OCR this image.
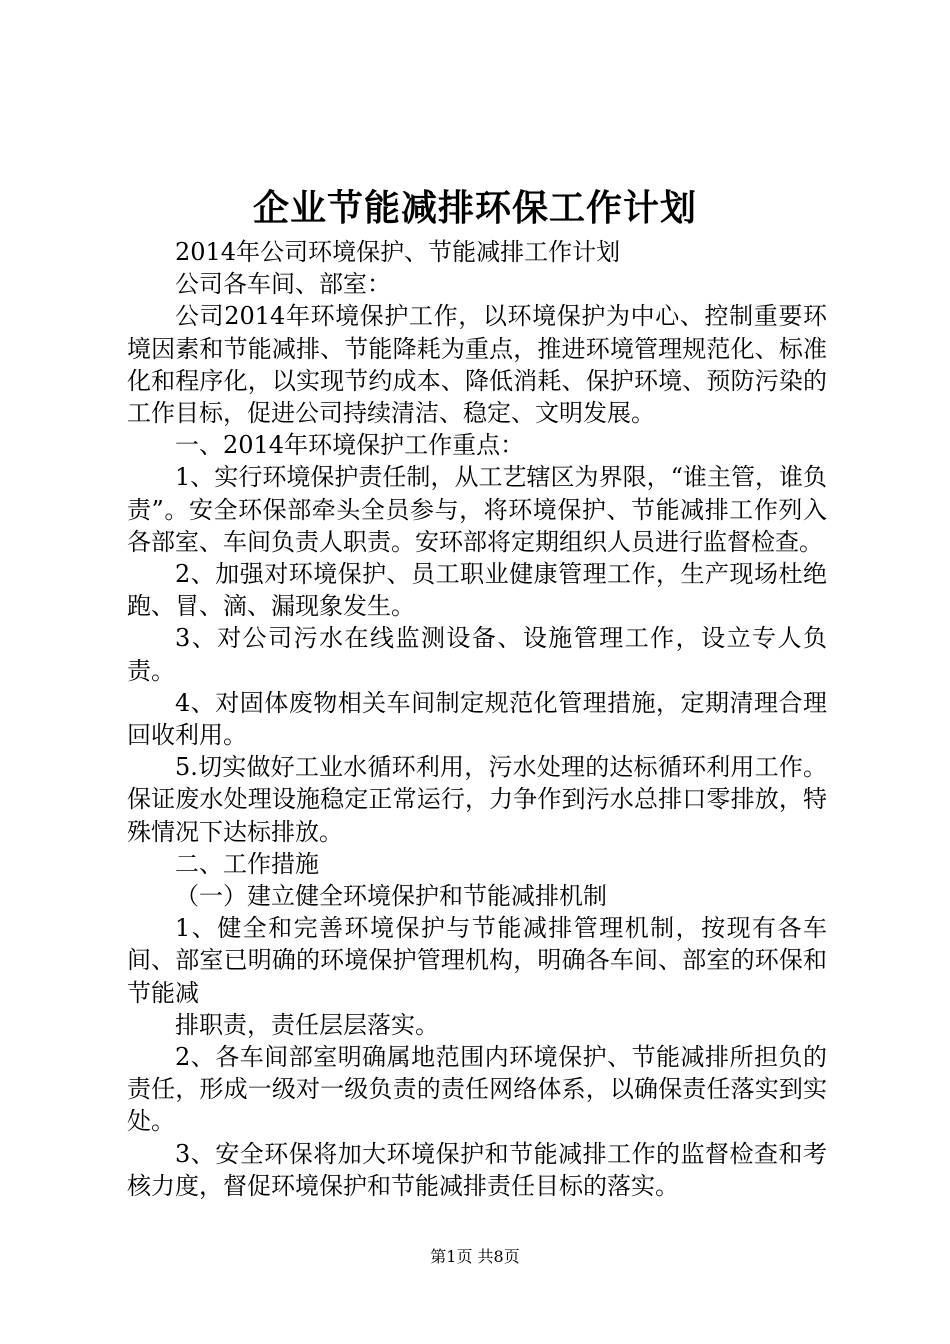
企业节能减排环保工作计划

2014年公司环境保护、节能减排工作计划

公司各车间、部室：

公司2014年环境保护工作，以环境保护为中心、控制重要环境因素和节能减排、节能降耗为重点，推进环境管理规范化、标准化和程序化，以实现节约成本、降低消耗、保护环境、预防污染的工作目标，促进公司持续清洁、稳定、文明发展。

一、2014年环境保护工作重点：

1、实行环境保护责任制，从工艺辖区为界限，“谁主管，谁负责”。安全环保部牵头全员参与，将环境保护、节能减排工作列入各部室、车间负责人职责。安环部将定期组织人员进行监督检查。

2、加强对环境保护、员工职业健康管理工作，生产现场杜绝跑、冒、滴、漏现象发生。

3、对公司污水在线监测设备、设施管理工作，设立专人负责。

4、对固体废物相关车间制定规范化管理措施，定期清理合理回收利用。

5.切实做好工业水循环利用，污水处理的达标循环利用工作。保证废水处理设施稳定正常运行，力争作到污水总排口零排放，特殊情况下达标排放。

二、工作措施

（一）建立健全环境保护和节能减排机制

1、健全和完善环境保护与节能减排管理机制，按现有各车间、部室已明确的环境保护管理机构，明确各车间、部室的环保和节能减

排职责，责任层层落实。

2、各车间部室明确属地范围内环境保护、节能减排所担负的责任，形成一级对一级负责的责任网络体系，以确保责任落实到实处。

3、安全环保将加大环境保护和节能减排工作的监督检查和考核力度，督促环境保护和节能减排责任目标的落实。

第1页 共8页
